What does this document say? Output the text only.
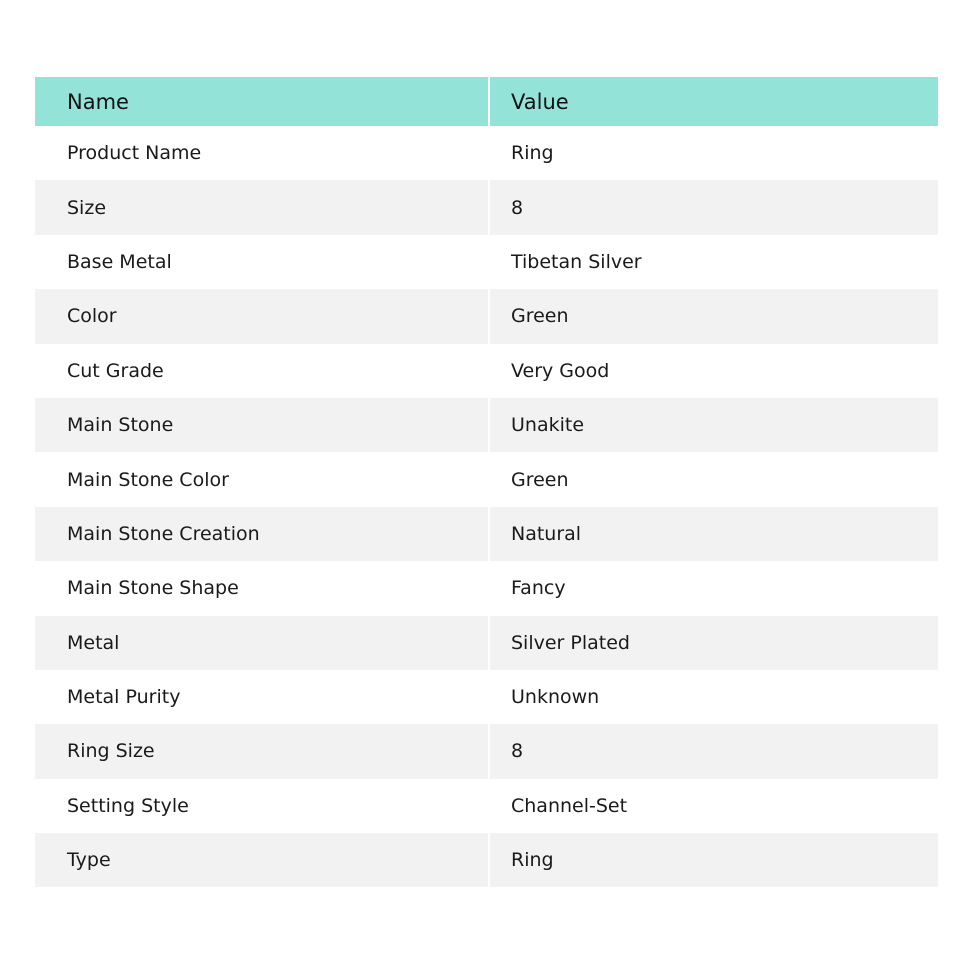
Name	Value
Product Name	Ring
Size	8
Base Metal	Tibetan Silver
Color	Green
Cut Grade	Very Good
Main Stone	Unakite
Main Stone Color	Green
Main Stone Creation	Natural
Main Stone Shape	Fancy
Metal	Silver Plated
Metal Purity	Unknown
Ring Size	8
Setting Style	Channel-Set
Type	Ring
